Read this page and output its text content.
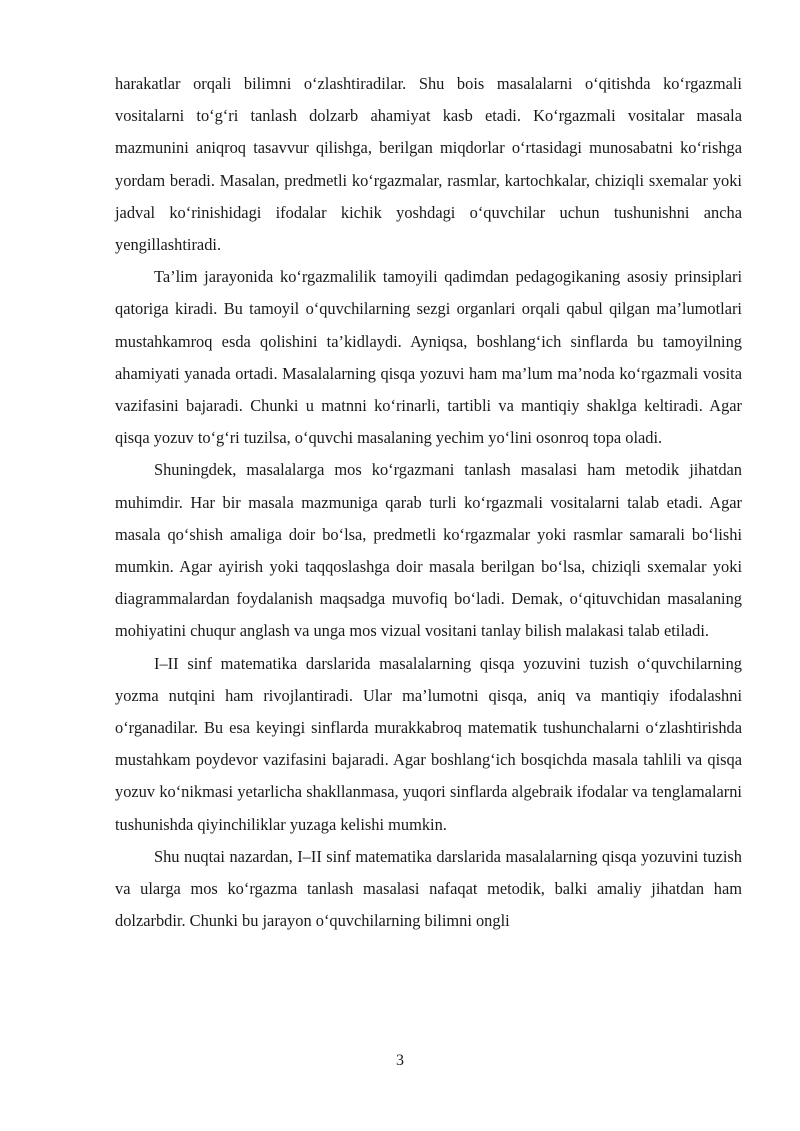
harakatlar orqali bilimni o‘zlashtiradilar. Shu bois masalalarni o‘qitishda ko‘rgazmali vositalarni to‘g‘ri tanlash dolzarb ahamiyat kasb etadi. Ko‘rgazmali vositalar masala mazmunini aniqroq tasavvur qilishga, berilgan miqdorlar o‘rtasidagi munosabatni ko‘rishga yordam beradi. Masalan, predmetli ko‘rgazmalar, rasmlar, kartochkalar, chiziqli sxemalar yoki jadval ko‘rinishidagi ifodalar kichik yoshdagi o‘quvchilar uchun tushunishni ancha yengillashtiradi.

Ta’lim jarayonida ko‘rgazmalilik tamoyili qadimdan pedagogikaning asosiy prinsiplari qatoriga kiradi. Bu tamoyil o‘quvchilarning sezgi organlari orqali qabul qilgan ma’lumotlari mustahkamroq esda qolishini ta’kidlaydi. Ayniqsa, boshlang‘ich sinflarda bu tamoyilning ahamiyati yanada ortadi. Masalalarning qisqa yozuvi ham ma’lum ma’noda ko‘rgazmali vosita vazifasini bajaradi. Chunki u matnni ko‘rinarli, tartibli va mantiqiy shaklga keltiradi. Agar qisqa yozuv to‘g‘ri tuzilsa, o‘quvchi masalaning yechim yo‘lini osonroq topa oladi.

Shuningdek, masalalarga mos ko‘rgazmani tanlash masalasi ham metodik jihatdan muhimdir. Har bir masala mazmuniga qarab turli ko‘rgazmali vositalarni talab etadi. Agar masala qo‘shish amaliga doir bo‘lsa, predmetli ko‘rgazmalar yoki rasmlar samarali bo‘lishi mumkin. Agar ayirish yoki taqqoslashga doir masala berilgan bo‘lsa, chiziqli sxemalar yoki diagrammalardan foydalanish maqsadga muvofiq bo‘ladi. Demak, o‘qituvchidan masalaning mohiyatini chuqur anglash va unga mos vizual vositani tanlay bilish malakasi talab etiladi.

I–II sinf matematika darslarida masalalarning qisqa yozuvini tuzish o‘quvchilarning yozma nutqini ham rivojlantiradi. Ular ma’lumotni qisqa, aniq va mantiqiy ifodalashni o‘rganadilar. Bu esa keyingi sinflarda murakkabroq matematik tushunchalarni o‘zlashtirishda mustahkam poydevor vazifasini bajaradi. Agar boshlang‘ich bosqichda masala tahlili va qisqa yozuv ko‘nikmasi yetarlicha shakllanmasa, yuqori sinflarda algebraik ifodalar va tenglamalarni tushunishda qiyinchiliklar yuzaga kelishi mumkin.

Shu nuqtai nazardan, I–II sinf matematika darslarida masalalarning qisqa yozuvini tuzish va ularga mos ko‘rgazma tanlash masalasi nafaqat metodik, balki amaliy jihatdan ham dolzarbdir. Chunki bu jarayon o‘quvchilarning bilimni ongli

3
